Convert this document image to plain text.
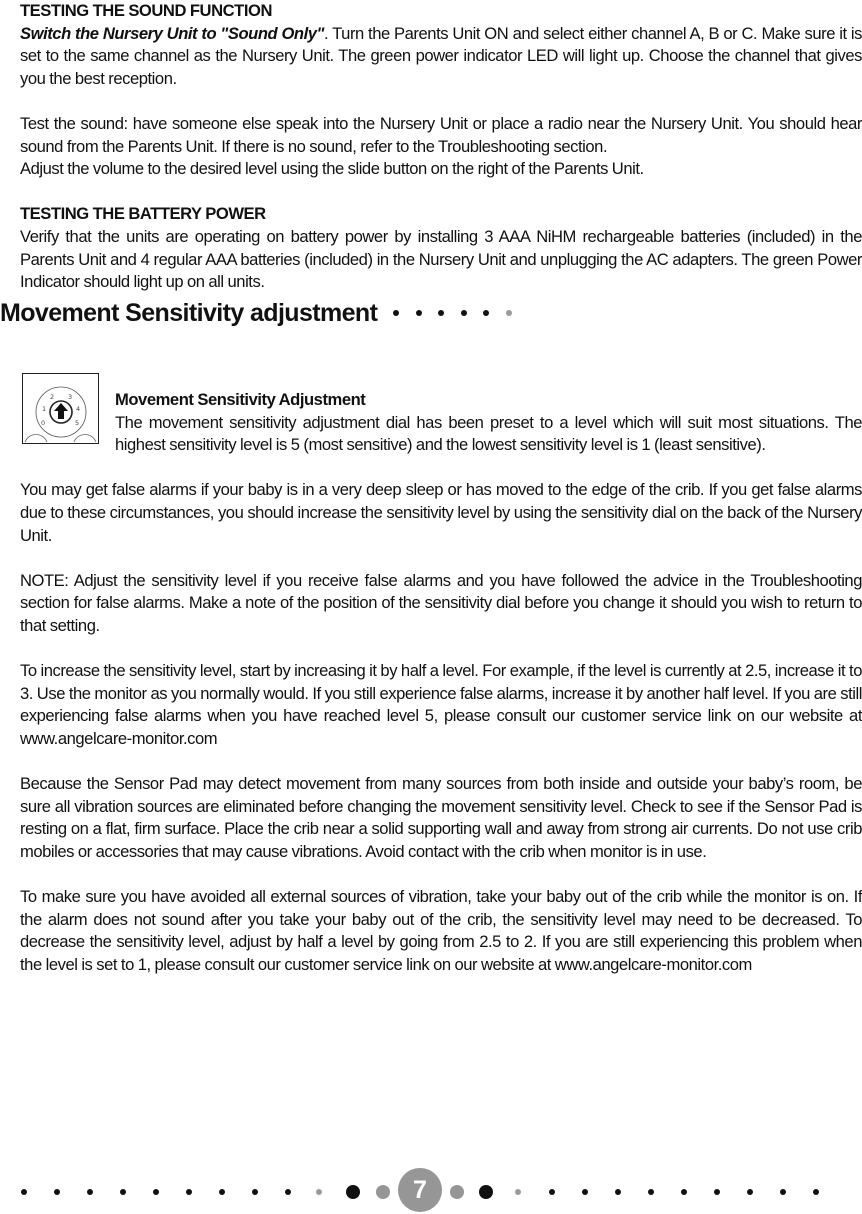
TESTING THE SOUND FUNCTION

Switch the Nursery Unit to "Sound Only". Turn the Parents Unit ON and select either channel A, B or C. Make sure it is set to the same channel as the Nursery Unit. The green power indicator LED will light up. Choose the channel that gives you the best reception.

Test the sound: have someone else speak into the Nursery Unit or place a radio near the Nursery Unit. You should hear sound from the Parents Unit. If there is no sound, refer to the Troubleshooting section.

Adjust the volume to the desired level using the slide button on the right of the Parents Unit.

TESTING THE BATTERY POWER

Verify that the units are operating on battery power by installing 3 AAA NiHM rechargeable batteries (included) in the Parents Unit and 4 regular AAA batteries (included) in the Nursery Unit and unplugging the AC adapters. The green Power Indicator should light up on all units.

Movement Sensitivity adjustment
0
1
2 3
4
5

Movement Sensitivity Adjustment

The movement sensitivity adjustment dial has been preset to a level which will suit most situations. The highest sensitivity level is 5 (most sensitive) and the lowest sensitivity level is 1 (least sensitive).

You may get false alarms if your baby is in a very deep sleep or has moved to the edge of the crib. If you get false alarms due to these circumstances, you should increase the sensitivity level by using the sensitivity dial on the back of the Nursery Unit.

NOTE: Adjust the sensitivity level if you receive false alarms and you have followed the advice in the Troubleshooting section for false alarms. Make a note of the position of the sensitivity dial before you change it should you wish to return to that setting.

To increase the sensitivity level, start by increasing it by half a level. For example, if the level is currently at 2.5, increase it to 3. Use the monitor as you normally would. If you still experience false alarms, increase it by another half level. If you are still experiencing false alarms when you have reached level 5, please consult our customer service link on our website at www.angelcare-monitor.com

Because the Sensor Pad may detect movement from many sources from both inside and outside your baby’s room, be sure all vibration sources are eliminated before changing the movement sensitivity level. Check to see if the Sensor Pad is resting on a flat, firm surface. Place the crib near a solid supporting wall and away from strong air currents. Do not use crib mobiles or accessories that may cause vibrations. Avoid contact with the crib when monitor is in use.

To make sure you have avoided all external sources of vibration, take your baby out of the crib while the monitor is on. If the alarm does not sound after you take your baby out of the crib, the sensitivity level may need to be decreased. To decrease the sensitivity level, adjust by half a level by going from 2.5 to 2. If you are still experiencing this problem when the level is set to 1, please consult our customer service link on our website at www.angelcare-monitor.com

7
